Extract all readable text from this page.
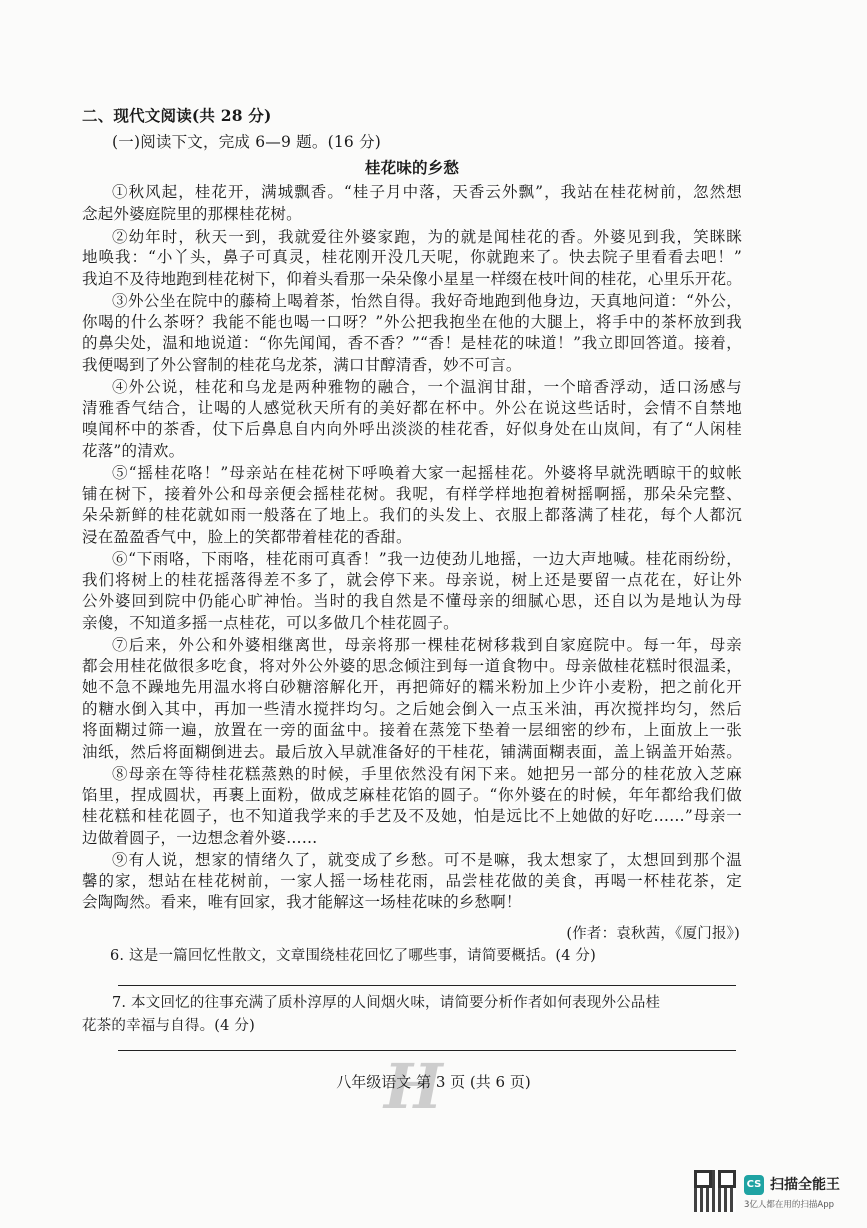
二、现代文阅读(共 28 分)
(一)阅读下文，完成 6—9 题。(16 分)
桂花味的乡愁
①秋风起，桂花开，满城飘香。“桂子月中落，天香云外飘”，我站在桂花树前，忽然想
念起外婆庭院里的那棵桂花树。
②幼年时，秋天一到，我就爱往外婆家跑，为的就是闻桂花的香。外婆见到我，笑眯眯
地唤我：“小丫头，鼻子可真灵，桂花刚开没几天呢，你就跑来了。快去院子里看看去吧！”
我迫不及待地跑到桂花树下，仰着头看那一朵朵像小星星一样缀在枝叶间的桂花，心里乐开花。
③外公坐在院中的藤椅上喝着茶，怡然自得。我好奇地跑到他身边，天真地问道：“外公，
你喝的什么茶呀？我能不能也喝一口呀？”外公把我抱坐在他的大腿上，将手中的茶杯放到我
的鼻尖处，温和地说道：“你先闻闻，香不香？”“香！是桂花的味道！”我立即回答道。接着，
我便喝到了外公窨制的桂花乌龙茶，满口甘醇清香，妙不可言。
④外公说，桂花和乌龙是两种雅物的融合，一个温润甘甜，一个暗香浮动，适口汤感与
清雅香气结合，让喝的人感觉秋天所有的美好都在杯中。外公在说这些话时，会情不自禁地
嗅闻杯中的茶香，仗下后鼻息自内向外呼出淡淡的桂花香，好似身处在山岚间，有了“人闲桂
花落”的清欢。
⑤“摇桂花咯！”母亲站在桂花树下呼唤着大家一起摇桂花。外婆将早就洗晒晾干的蚊帐
铺在树下，接着外公和母亲便会摇桂花树。我呢，有样学样地抱着树摇啊摇，那朵朵完整、
朵朵新鲜的桂花就如雨一般落在了地上。我们的头发上、衣服上都落满了桂花，每个人都沉
浸在盈盈香气中，脸上的笑都带着桂花的香甜。
⑥“下雨咯，下雨咯，桂花雨可真香！”我一边使劲儿地摇，一边大声地喊。桂花雨纷纷，
我们将树上的桂花摇落得差不多了，就会停下来。母亲说，树上还是要留一点花在，好让外
公外婆回到院中仍能心旷神怡。当时的我自然是不懂母亲的细腻心思，还自以为是地认为母
亲傻，不知道多摇一点桂花，可以多做几个桂花圆子。
⑦后来，外公和外婆相继离世，母亲将那一棵桂花树移栽到自家庭院中。每一年，母亲
都会用桂花做很多吃食，将对外公外婆的思念倾注到每一道食物中。母亲做桂花糕时很温柔，
她不急不躁地先用温水将白砂糖溶解化开，再把筛好的糯米粉加上少许小麦粉，把之前化开
的糖水倒入其中，再加一些清水搅拌均匀。之后她会倒入一点玉米油，再次搅拌均匀，然后
将面糊过筛一遍，放置在一旁的面盆中。接着在蒸笼下垫着一层细密的纱布，上面放上一张
油纸，然后将面糊倒进去。最后放入早就准备好的干桂花，铺满面糊表面，盖上锅盖开始蒸。
⑧母亲在等待桂花糕蒸熟的时候，手里依然没有闲下来。她把另一部分的桂花放入芝麻
馅里，捏成圆状，再裹上面粉，做成芝麻桂花馅的圆子。“你外婆在的时候，年年都给我们做
桂花糕和桂花圆子，也不知道我学来的手艺及不及她，怕是远比不上她做的好吃……”母亲一
边做着圆子，一边想念着外婆……
⑨有人说，想家的情绪久了，就变成了乡愁。可不是嘛，我太想家了，太想回到那个温
馨的家，想站在桂花树前，一家人摇一场桂花雨，品尝桂花做的美食，再喝一杯桂花茶，定
会陶陶然。看来，唯有回家，我才能解这一场桂花味的乡愁啊！
(作者：袁秋茜，《厦门报》)
6. 这是一篇回忆性散文，文章围绕桂花回忆了哪些事，请简要概括。(4 分)
H
八年级语文 第 3 页 (共 6 页)
CS 扫描全能王
3亿人都在用的扫描App
7. 本文回忆的往事充满了质朴淳厚的人间烟火味，请简要分析作者如何表现外公品桂
花茶的幸福与自得。(4 分)
